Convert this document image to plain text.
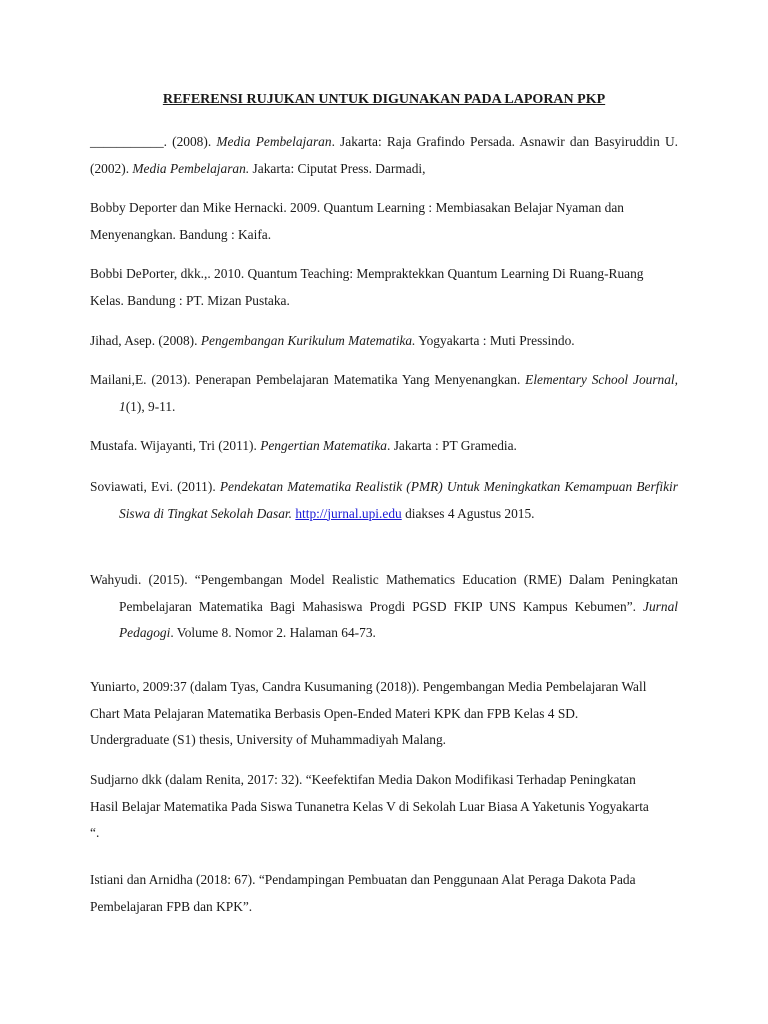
REFERENSI RUJUKAN UNTUK DIGUNAKAN PADA LAPORAN PKP
___________. (2008). Media Pembelajaran. Jakarta: Raja Grafindo Persada. Asnawir dan Basyiruddin U. (2002). Media Pembelajaran. Jakarta: Ciputat Press. Darmadi,
Bobby Deporter dan Mike Hernacki. 2009. Quantum Learning : Membiasakan Belajar Nyaman dan Menyenangkan. Bandung : Kaifa.
Bobbi DePorter, dkk.,. 2010. Quantum Teaching: Mempraktekkan Quantum Learning Di Ruang-Ruang Kelas. Bandung : PT. Mizan Pustaka.
Jihad, Asep. (2008). Pengembangan Kurikulum Matematika. Yogyakarta : Muti Pressindo.
Mailani,E. (2013). Penerapan Pembelajaran Matematika Yang Menyenangkan. Elementary School Journal, 1(1), 9-11.
Mustafa. Wijayanti, Tri (2011). Pengertian Matematika. Jakarta : PT Gramedia.
Soviawati, Evi. (2011). Pendekatan Matematika Realistik (PMR) Untuk Meningkatkan Kemampuan Berfikir Siswa di Tingkat Sekolah Dasar. http://jurnal.upi.edu diakses 4 Agustus 2015.
Wahyudi. (2015). “Pengembangan Model Realistic Mathematics Education (RME) Dalam Peningkatan Pembelajaran Matematika Bagi Mahasiswa Progdi PGSD FKIP UNS Kampus Kebumen”. Jurnal Pedagogi. Volume 8. Nomor 2. Halaman 64-73.
Yuniarto, 2009:37 (dalam Tyas, Candra Kusumaning (2018)). Pengembangan Media Pembelajaran Wall Chart Mata Pelajaran Matematika Berbasis Open-Ended Materi KPK dan FPB Kelas 4 SD. Undergraduate (S1) thesis, University of Muhammadiyah Malang.
Sudjarno dkk (dalam Renita, 2017: 32). “Keefektifan Media Dakon Modifikasi Terhadap Peningkatan Hasil Belajar Matematika Pada Siswa Tunanetra Kelas V di Sekolah Luar Biasa A Yaketunis Yogyakarta “.
Istiani dan Arnidha (2018: 67). “Pendampingan Pembuatan dan Penggunaan Alat Peraga Dakota Pada Pembelajaran FPB dan KPK”.
